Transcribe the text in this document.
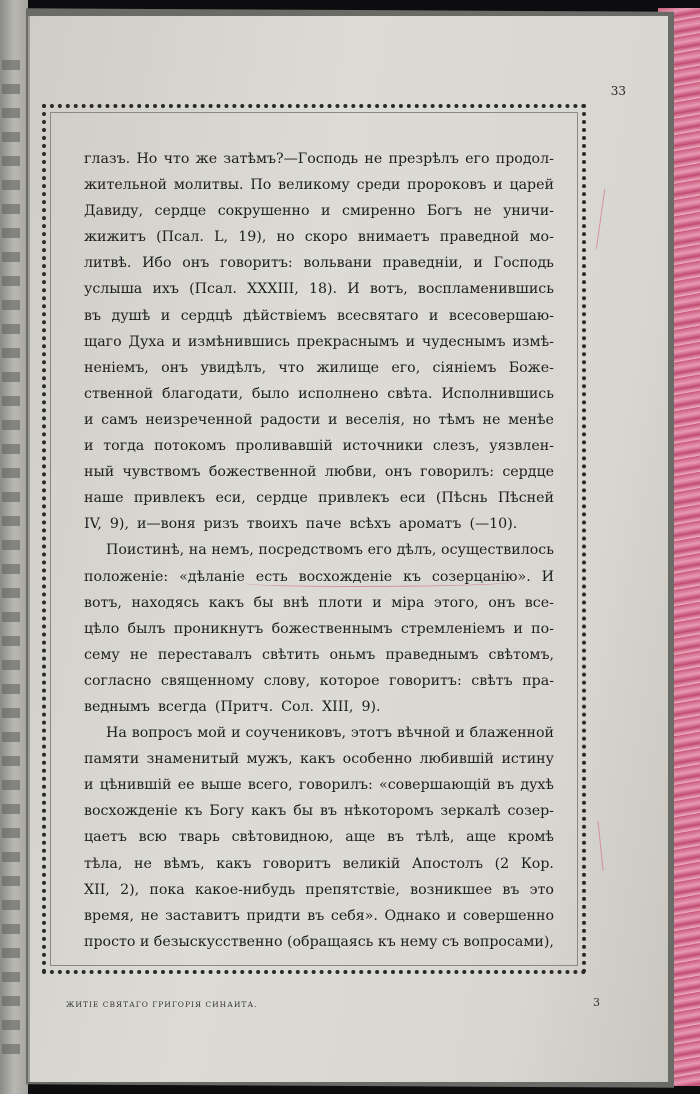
33
глазъ. Но что же затѣмъ?—Господь не презрѣлъ его продол-
жительной молитвы. По великому среди пророковъ и царей
Давиду, сердце сокрушенно и смиренно Богъ не уничи-
жижитъ (Псал. L, 19), но скоро внимаетъ праведной мо-
литвѣ. Ибо онъ говоритъ: вольвани праведнiи, и Господь
услыша ихъ (Псал. XXXIII, 18). И вотъ, воспламенившись
въ душѣ и сердцѣ дѣйствiемъ всесвятаго и всесовершаю-
щаго Духа и измѣнившись прекраснымъ и чудеснымъ измѣ-
ненiемъ, онъ увидѣлъ, что жилище его, сiянiемъ Боже-
ственной благодати, было исполнено свѣта. Исполнившись
и самъ неизреченной радости и веселiя, но тѣмъ не менѣе
и тогда потокомъ проливавшiй источники слезъ, уязвлен-
ный чувствомъ божественной любви, онъ говорилъ: сердце
наше привлекъ еси, сердце привлекъ еси (Пѣснь Пѣсней
IV, 9), и—воня ризъ твоихъ паче всѣхъ ароматъ (—10).
Поистинѣ, на немъ, посредствомъ его дѣлъ, осуществилось
положенiе: «дѣланiе есть восхожденiе къ созерцанiю». И
вотъ, находясь какъ бы внѣ плоти и мiра этого, онъ все-
цѣло былъ проникнутъ божественнымъ стремленiемъ и по-
сему не переставалъ свѣтить оньмъ праведнымъ свѣтомъ,
согласно священному слову, которое говоритъ: свѣтъ пра-
веднымъ всегда (Притч. Сол. XIII, 9).
На вопросъ мой и соучениковъ, этотъ вѣчной и блаженной
памяти знаменитый мужъ, какъ особенно любившiй истину
и цѣнившiй ее выше всего, говорилъ: «совершающiй въ духѣ
восхожденiе къ Богу какъ бы въ нѣкоторомъ зеркалѣ созер-
цаетъ всю тварь свѣтовидною, аще въ тѣлѣ, аще кромѣ
тѣла, не вѣмъ, какъ говоритъ великiй Апостолъ (2 Кор.
XII, 2), пока какое-нибудь препятствiе, возникшее въ это
время, не заставитъ придти въ себя». Однако и совершенно
просто и безыскусственно (обращаясь къ нему съ вопросами),
ЖИТIЕ СВЯТАГО ГРИГОРIЯ СИНАИТА.	3
